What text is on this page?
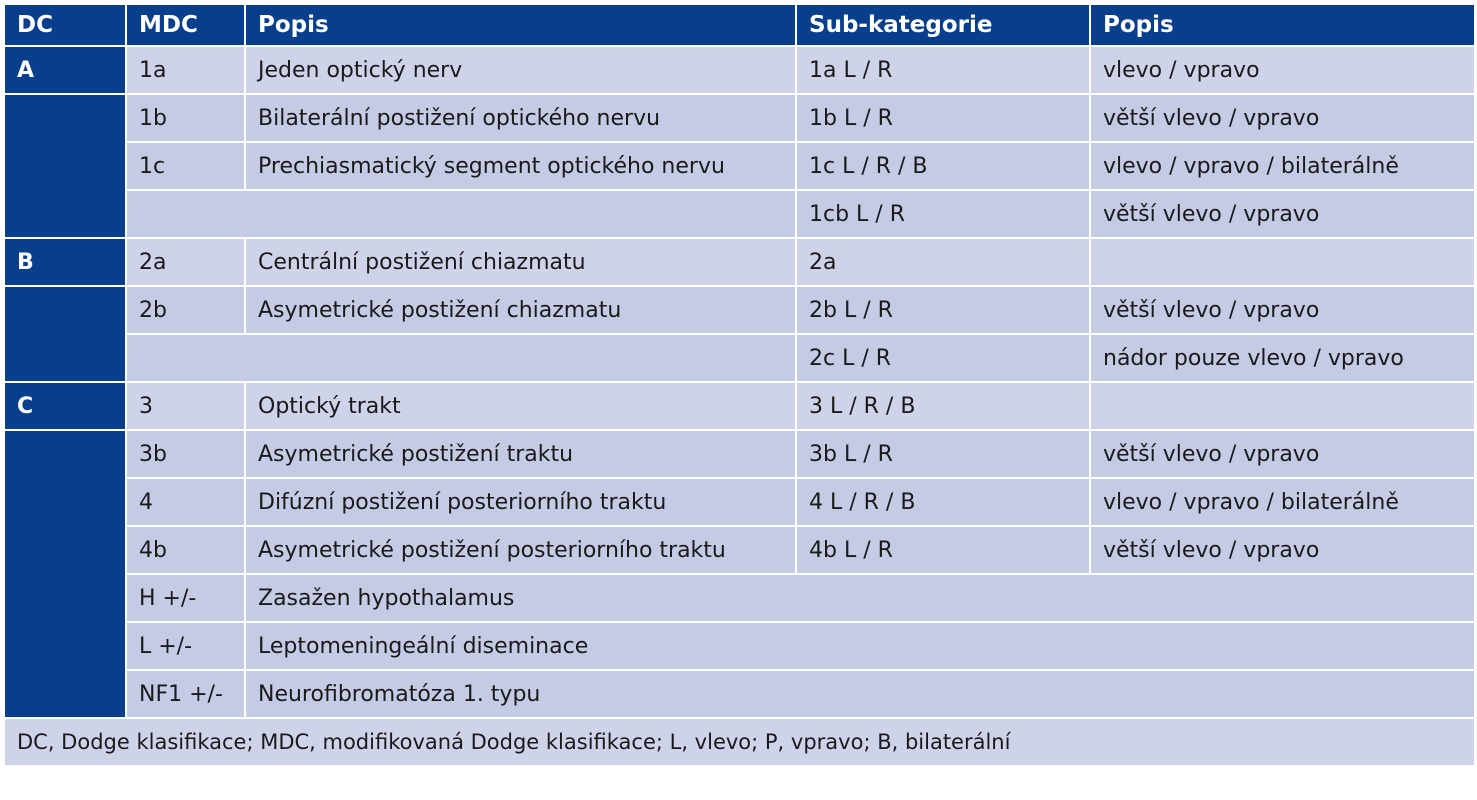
DC	MDC	Popis	Sub-kategorie	Popis
A	1a	Jeden optický nerv	1a L / R	vlevo / vpravo
	1b	Bilaterální postižení optického nervu	1b L / R	větší vlevo / vpravo
	1c	Prechiasmatický segment optického nervu	1c L / R / B	vlevo / vpravo / bilaterálně
			1cb L / R	větší vlevo / vpravo
B	2a	Centrální postižení chiazmatu	2a	
	2b	Asymetrické postižení chiazmatu	2b L / R	větší vlevo / vpravo
			2c L / R	nádor pouze vlevo / vpravo
C	3	Optický trakt	3 L / R / B	
	3b	Asymetrické postižení traktu	3b L / R	větší vlevo / vpravo
	4	Difúzní postižení posteriorního traktu	4 L / R / B	vlevo / vpravo / bilaterálně
	4b	Asymetrické postižení posteriorního traktu	4b L / R	větší vlevo / vpravo
	H +/-	Zasažen hypothalamus		
	L +/-	Leptomeningeální diseminace		
	NF1 +/-	Neurofibromatóza 1. typu		
DC, Dodge klasifikace; MDC, modifikovaná Dodge klasifikace; L, vlevo; P, vpravo; B, bilaterální				
